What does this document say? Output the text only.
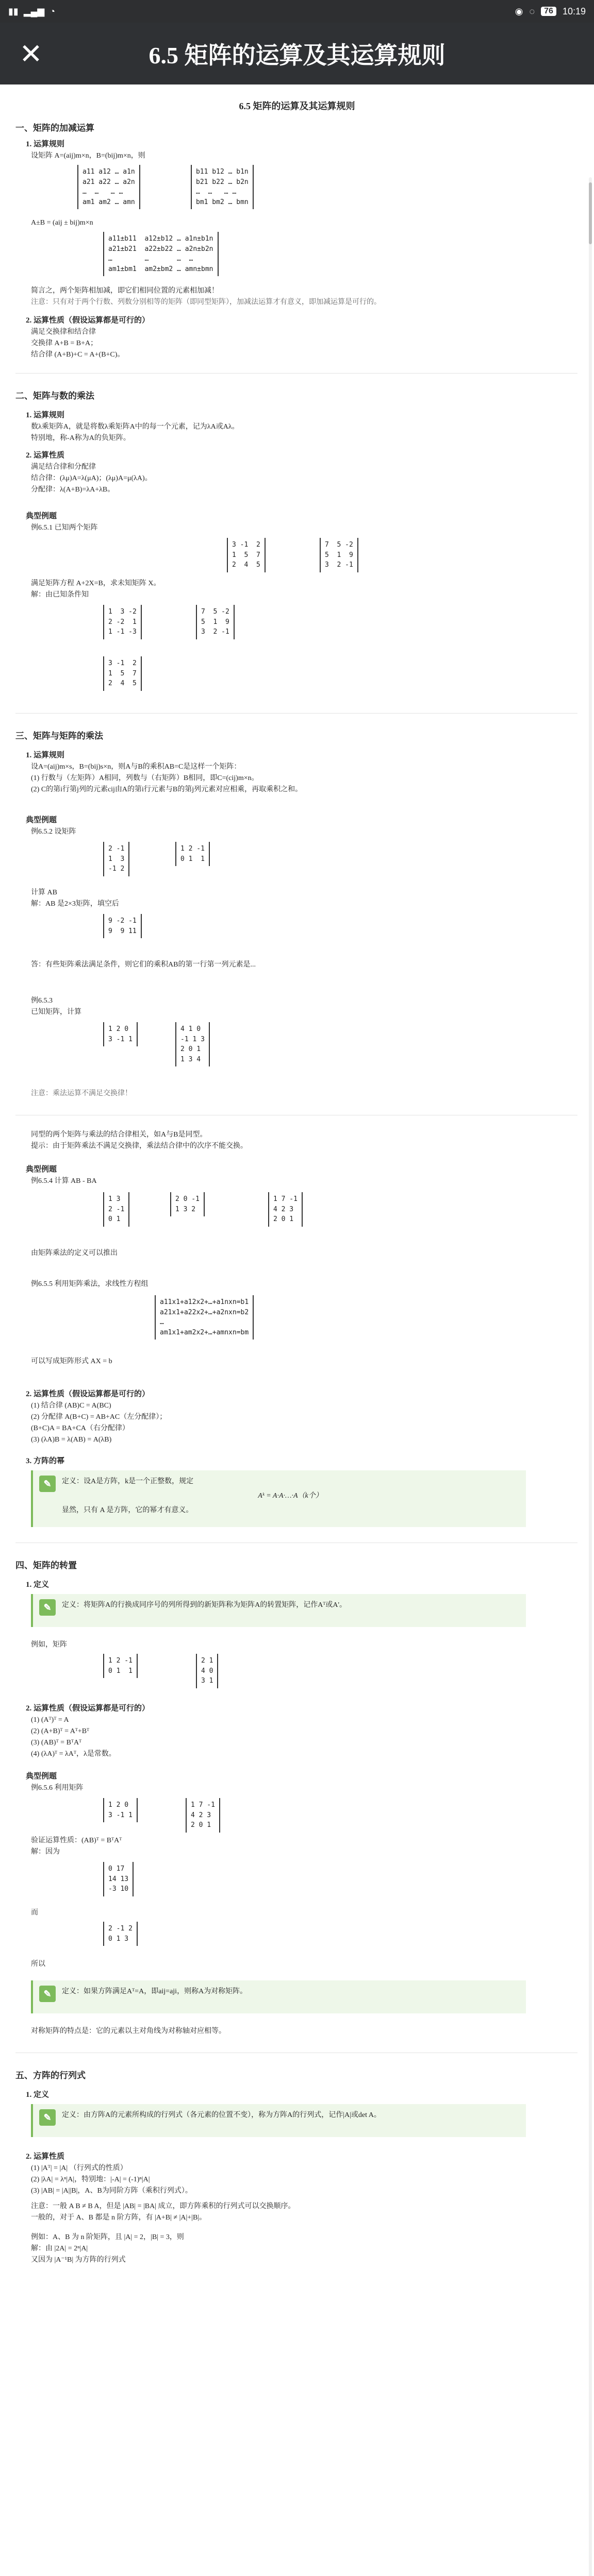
▮▮ ▂▄▆ ◔	◉ ◌	76	10:19
✕	6.5 矩阵的运算及其运算规则
6.5 矩阵的运算及其运算规则
一、矩阵的加减运算
1. 运算规则
设矩阵 A=(aij)m×n，B=(bij)m×n，则
a11 a12 … a1n
a21 a22 … a2n
…  …   … …
am1 am2 … amn
b11 b12 … b1n
b21 b22 … b2n
…  …   … …
bm1 bm2 … bmn
A±B = (aij ± bij)m×n
a11±b11  a12±b12 … a1n±b1n
a21±b21  a22±b22 … a2n±b2n
…        …       …  …
am1±bm1  am2±bm2 … amn±bmn
简言之，两个矩阵相加减，即它们相同位置的元素相加减！
注意：只有对于两个行数、列数分别相等的矩阵（即同型矩阵），加减法运算才有意义，即加减运算是可行的。
2. 运算性质（假设运算都是可行的）
满足交换律和结合律
交换律 A+B = B+A；
结合律 (A+B)+C = A+(B+C)。
二、矩阵与数的乘法
1. 运算规则
数λ乘矩阵A，就是将数λ乘矩阵A中的每一个元素，记为λA或Aλ。
特别地，称-A称为A的负矩阵。
2. 运算性质
满足结合律和分配律
结合律：(λμ)A=λ(μA)；(λμ)A=μ(λA)。
分配律：λ(A+B)=λA+λB。
典型例题
例6.5.1 已知两个矩阵
3 -1  2
1  5  7
2  4  5
7  5 -2
5  1  9
3  2 -1
满足矩阵方程 A+2X=B，求未知矩阵 X。
解：由已知条件知
1  3 -2
2 -2  1
1 -1 -3
7  5 -2
5  1  9
3  2 -1
3 -1  2
1  5  7
2  4  5
三、矩阵与矩阵的乘法
1. 运算规则
设A=(aij)m×s，B=(bij)s×n，则A与B的乘积AB=C是这样一个矩阵：
(1) 行数与（左矩阵）A相同，列数与（右矩阵）B相同，即C=(cij)m×n。
(2) C的第i行第j列的元素cij由A的第i行元素与B的第j列元素对应相乘，再取乘积之和。
典型例题
例6.5.2 设矩阵
2 -1
1  3
-1 2
1 2 -1
0 1  1
计算 AB
解：AB 是2×3矩阵，填空后
9 -2 -1
9  9 11
答：有些矩阵乘法满足条件，则它们的乘积AB的第一行第一列元素是...
例6.5.3
已知矩阵，计算
1 2 0
3 -1 1
4 1 0
-1 1 3
2 0 1
1 3 4
注意：乘法运算不满足交换律！
同型的两个矩阵与乘法的结合律相关，如A与B是同型。
提示：由于矩阵乘法不满足交换律，乘法结合律中的次序不能交换。
典型例题
例6.5.4 计算 AB - BA
1 3
2 -1
0 1
2 0 -1
1 3 2
1 7 -1
4 2 3
2 0 1
由矩阵乘法的定义可以推出
例6.5.5 利用矩阵乘法，求线性方程组
a11x1+a12x2+…+a1nxn=b1
a21x1+a22x2+…+a2nxn=b2
…
am1x1+am2x2+…+amnxn=bm
可以写成矩阵形式 AX = b
2. 运算性质（假设运算都是可行的）
(1) 结合律 (AB)C = A(BC)
(2) 分配律 A(B+C) = AB+AC（左分配律）；
(B+C)A = BA+CA（右分配律）
(3) (λA)B = λ(AB) = A(λB)
3. 方阵的幂
✎	定义：设A是方阵，k是一个正整数，规定
Aᵏ = A·A·…·A（k个）
显然，只有 A 是方阵，它的幂才有意义。
四、矩阵的转置
1. 定义
✎	定义：将矩阵A的行换成同序号的列所得到的新矩阵称为矩阵A的转置矩阵，记作Aᵀ或A'。
例如，矩阵
1 2 -1
0 1  1
2 1
4 0
3 1
2. 运算性质（假设运算都是可行的）
(1) (Aᵀ)ᵀ = A
(2) (A+B)ᵀ = Aᵀ+Bᵀ
(3) (AB)ᵀ = BᵀAᵀ
(4) (λA)ᵀ = λAᵀ，λ是常数。
典型例题
例6.5.6 利用矩阵
1 2 0
3 -1 1
1 7 -1
4 2 3
2 0 1
验证运算性质：(AB)ᵀ = BᵀAᵀ
解：因为
0 17
14 13
-3 10
而
2 -1 2
0 1 3
所以
✎	定义：如果方阵满足Aᵀ=A，即aij=aji，则称A为对称矩阵。
对称矩阵的特点是：它的元素以主对角线为对称轴对应相等。
五、方阵的行列式
1. 定义
✎	定义：由方阵A的元素所构成的行列式（各元素的位置不变），称为方阵A的行列式，记作|A|或det A。
2. 运算性质
(1) |Aᵀ| = |A| （行列式的性质）
(2) |λA| = λⁿ|A|，特别地：|-A| = (-1)ⁿ|A|
(3) |AB| = |A||B|，A、B为同阶方阵（乘积行列式）。
注意：一般 A B ≠ B A，但是 |AB| = |BA| 成立，即方阵乘积的行列式可以交换顺序。
一般的，对于 A、B 都是 n 阶方阵，有 |A+B| ≠ |A|+|B|。
例如：A、B 为 n 阶矩阵，且 |A| = 2，|B| = 3，则
解：由 |2A| = 2ⁿ|A|
又因为 |A⁻¹B| 为方阵的行列式
